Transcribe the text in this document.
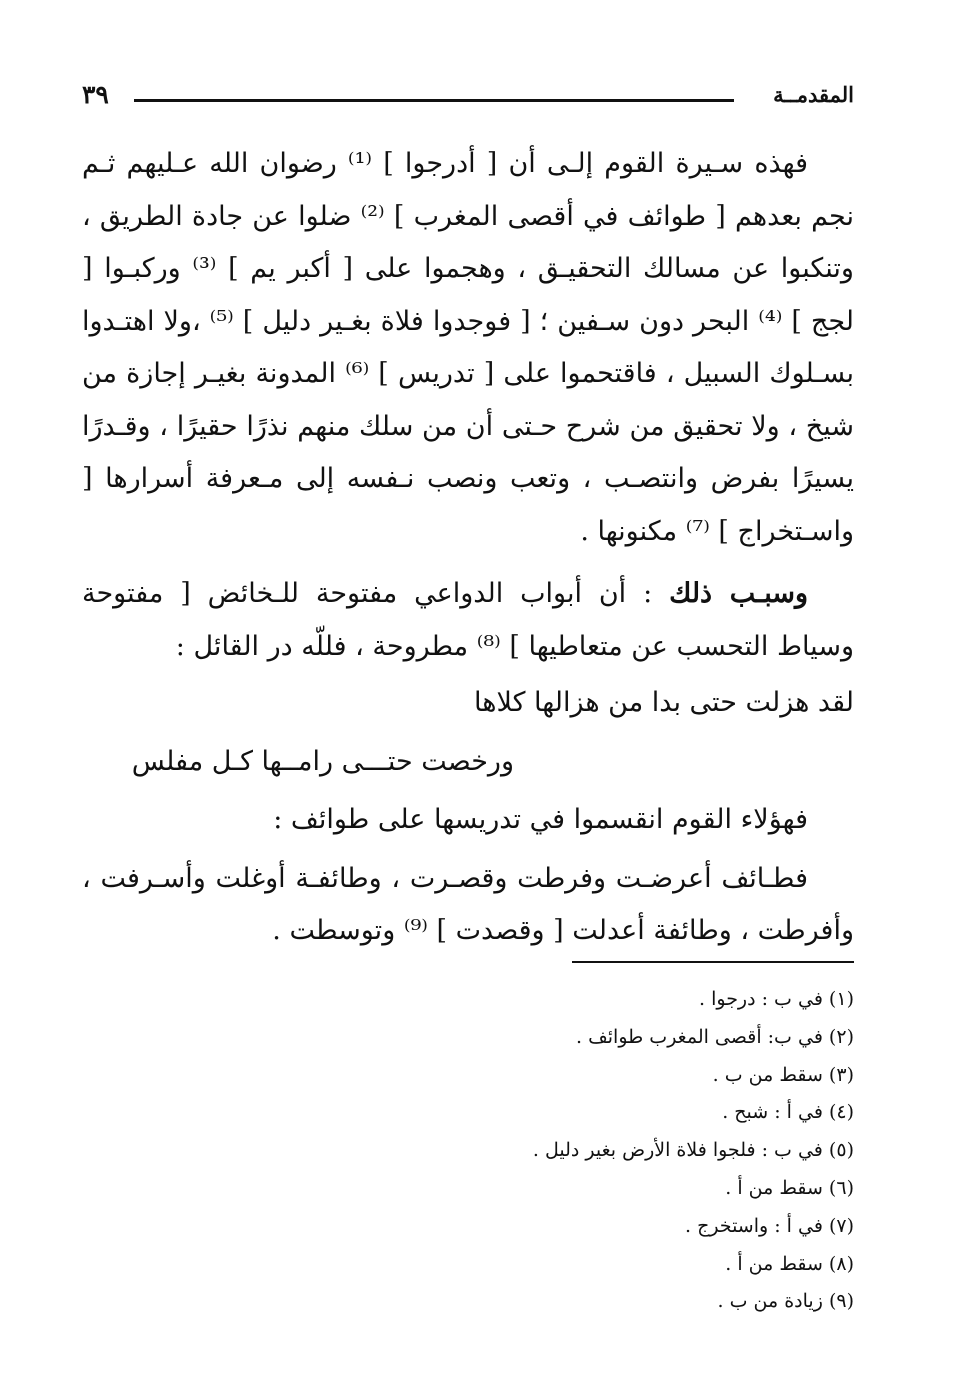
٣٩	المقدمــة

فهذه سـيرة القوم إلـى أن [ أدرجوا ] ⁽¹⁾ رضوان الله عـليهم ثـم نجم بعدهم [ طوائف في أقصى المغرب ] ⁽²⁾ ضلوا عن جادة الطريق ، وتنكبوا عن مسالك التحقيـق ، وهجموا على [ أكبر يم ] ⁽³⁾ وركبـوا [ لجج ] ⁽⁴⁾ البحر دون سـفين ؛ [ فوجدوا فلاة بغـير دليل ] ⁽⁵⁾ ،ولا اهتـدوا بسـلوك السبيل ، فاقتحموا على [ تدريس ] ⁽⁶⁾ المدونة بغيـر إجازة من شيخ ، ولا تحقيق من شرح حـتى أن من سلك منهم نذرًا حقيرًا ، وقـدرًا يسيرًا بفرض وانتصـب ، وتعب ونصب نـفسه إلى مـعرفة أسرارها [ واسـتخراج ] ⁽⁷⁾ مكنونها .

وسبـب ذلك : أن أبواب الدواعي مفتوحة للـخائض [ مفتوحة وسياط التحسب عن متعاطيها ] ⁽⁸⁾ مطروحة ، فللّه در القائل :

لقد هزلت حتى بدا من هزالها كلاها

ورخصت حتـــى رامــها كـل مفلس

فهؤلاء القوم انقسموا في تدريسها على طوائف :

فطـائف أعرضـت وفرطت وقصـرت ، وطائفـة أوغلت وأسـرفت ، وأفرطت ، وطائفة أعدلت [ وقصدت ] ⁽⁹⁾ وتوسطت .

(١) في ب : درجوا .
(٢) في ب: أقصى المغرب طوائف .
(٣) سقط من ب .
(٤) في أ : شبح .
(٥) في ب : فلجوا فلاة الأرض بغير دليل .
(٦) سقط من أ .
(٧) في أ : واستخرج .
(٨) سقط من أ .
(٩) زيادة من ب .
